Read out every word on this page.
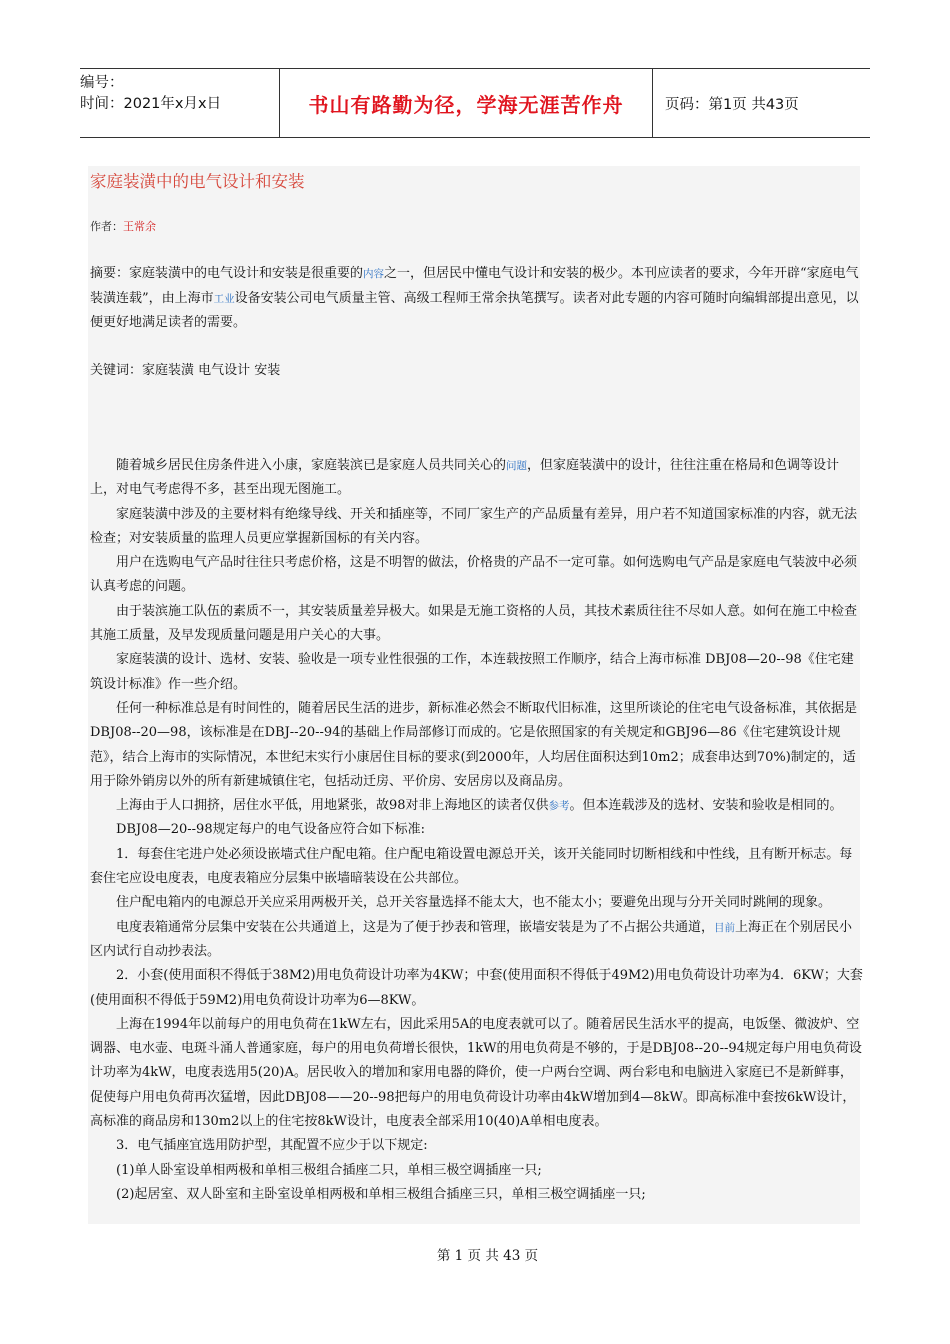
编号：
时间：2021年x月x日	书山有路勤为径，学海无涯苦作舟	页码：第1页 共43页
家庭装潢中的电气设计和安装
作者：王常余
摘要：家庭装潢中的电气设计和安装是很重要的内容之一，但居民中懂电气设计和安装的极少。本刊应读者的要求，今年开辟“家庭电气装潢连载”，由上海市工业设备安装公司电气质量主管、高级工程师王常余执笔撰写。读者对此专题的内容可随时向编辑部提出意见，以便更好地满足读者的需要。
关键词：家庭装潢 电气设计 安装

随着城乡居民住房条件进入小康，家庭装滨已是家庭人员共同关心的问题，但家庭装潢中的设计，往往注重在格局和色调等设计上，对电气考虑得不多，甚至出现无图施工。

家庭装潢中涉及的主要材料有绝缘导线、开关和插座等，不同厂家生产的产品质量有差异，用户若不知道国家标准的内容，就无法检查；对安装质量的监理人员更应掌握新国标的有关内容。

用户在选购电气产品时往往只考虑价格，这是不明智的做法，价格贵的产品不一定可靠。如何选购电气产品是家庭电气装波中必须认真考虑的问题。

由于装滨施工队伍的素质不一，其安装质量差异极大。如果是无施工资格的人员，其技术素质往往不尽如人意。如何在施工中检查其施工质量，及早发现质量问题是用户关心的大事。

家庭装潢的设计、选材、安装、验收是一项专业性很强的工作，本连载按照工作顺序，结合上海市标准 DBJ08—20--98《住宅建筑设计标准》作一些介绍。

任何一种标准总是有时间性的，随着居民生活的进步，新标准必然会不断取代旧标准，这里所谈论的住宅电气设备标准，其依据是 DBJ08--20—98，该标准是在DBJ--20--94的基础上作局部修订而成的。它是依照国家的有关规定和GBJ96—86《住宅建筑设计规范》，结合上海市的实际情况，本世纪末实行小康居住目标的要求(到2000年，人均居住面积达到10m2；成套串达到70%)制定的，适用于除外销房以外的所有新建城镇住宅，包括动迁房、平价房、安居房以及商品房。

上海由于人口拥挤，居住水平低，用地紧张，故98对非上海地区的读者仅供参考。但本连载涉及的选材、安装和验收是相同的。

DBJ08—20--98规定每户的电气设备应符合如下标准:

1．每套住宅进户处必须设嵌墙式住户配电箱。住户配电箱设置电源总开关，该开关能同时切断相线和中性线，且有断开标志。每套住宅应设电度表，电度表箱应分层集中嵌墙暗装设在公共部位。

住户配电箱内的电源总开关应采用两极开关，总开关容量选择不能太大，也不能太小；要避免出现与分开关同时跳闸的现象。

电度表箱通常分层集中安装在公共通道上，这是为了便于抄表和管理，嵌墙安装是为了不占据公共通道，目前上海正在个别居民小区内试行自动抄表法。

2．小套(使用面积不得低于38M2)用电负荷设计功率为4KW；中套(使用面积不得低于49M2)用电负荷设计功率为4．6KW；大套(使用面积不得低于59M2)用电负荷设计功率为6—8KW。

上海在1994年以前每户的用电负荷在1kW左右，因此采用5A的电度表就可以了。随着居民生活水平的提高，电饭堡、微波炉、空调器、电水壶、电斑斗涌人普通家庭，每户的用电负荷增长很快，1kW的用电负荷是不够的，于是DBJ08--20--94规定每户用电负荷设计功率为4kW，电度表选用5(20)A。居民收入的增加和家用电器的降价，使一户两台空调、两台彩电和电脑进入家庭已不是新鲜事，促使每户用电负荷再次猛增，因此DBJ08——20--98把每户的用电负荷设计功率由4kW增加到4—8kW。即高标准中套按6kW设计，高标准的商品房和130m2以上的住宅按8kW设计，电度表全部采用10(40)A单相电度表。

3．电气插座宜选用防护型，其配置不应少于以下规定:

(1)单人卧室设单相两极和单相三极组合插座二只，单相三极空调插座一只;

(2)起居室、双人卧室和主卧室设单相两极和单相三极组合插座三只，单相三极空调插座一只;

第 1 页 共 43 页
